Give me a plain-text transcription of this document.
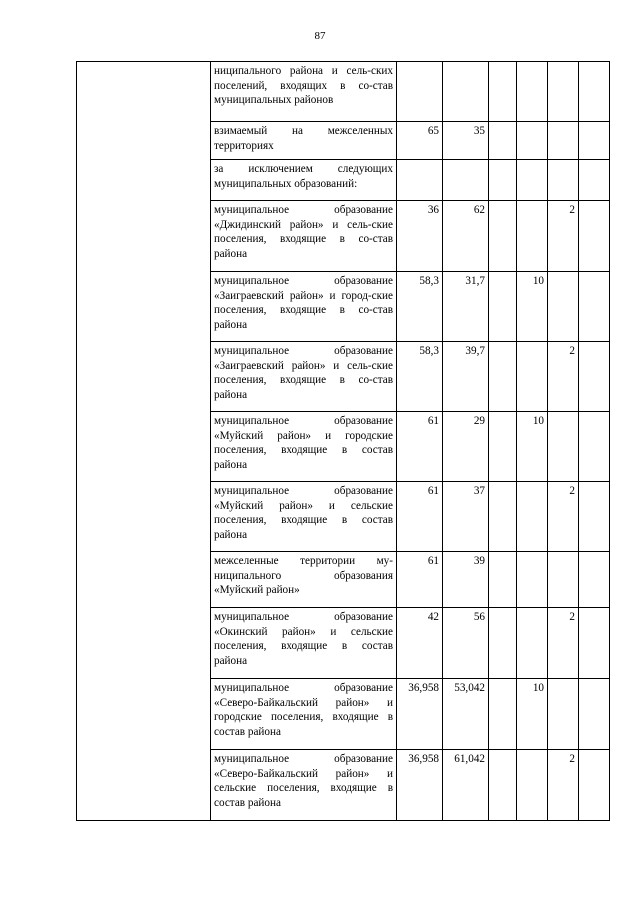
87
	ниципального района и сель-ских поселений, входящих в со-став муниципальных районов						
	взимаемый на межселенных территориях	65	35				
	за исключением следующих муниципальных образований:						
	муниципальное образование «Джидинский район» и сель-ские поселения, входящие в со-став района	36	62			2	
	муниципальное образование «Заиграевский район» и город-ские поселения, входящие в со-став района	58,3	31,7		10		
	муниципальное образование «Заиграевский район» и сель-ские поселения, входящие в со-став района	58,3	39,7			2	
	муниципальное образование «Муйский район» и городские поселения, входящие в состав района	61	29		10		
	муниципальное образование «Муйский район» и сельские поселения, входящие в состав района	61	37			2	
	межселенные территории му-ниципального образования «Муйский район»	61	39				
	муниципальное образование «Окинский район» и сельские поселения, входящие в состав района	42	56			2	
	муниципальное образование «Северо-Байкальский район» и городские поселения, входящие в состав района	36,958	53,042		10		
	муниципальное образование «Северо-Байкальский район» и сельские поселения, входящие в состав района	36,958	61,042			2	
